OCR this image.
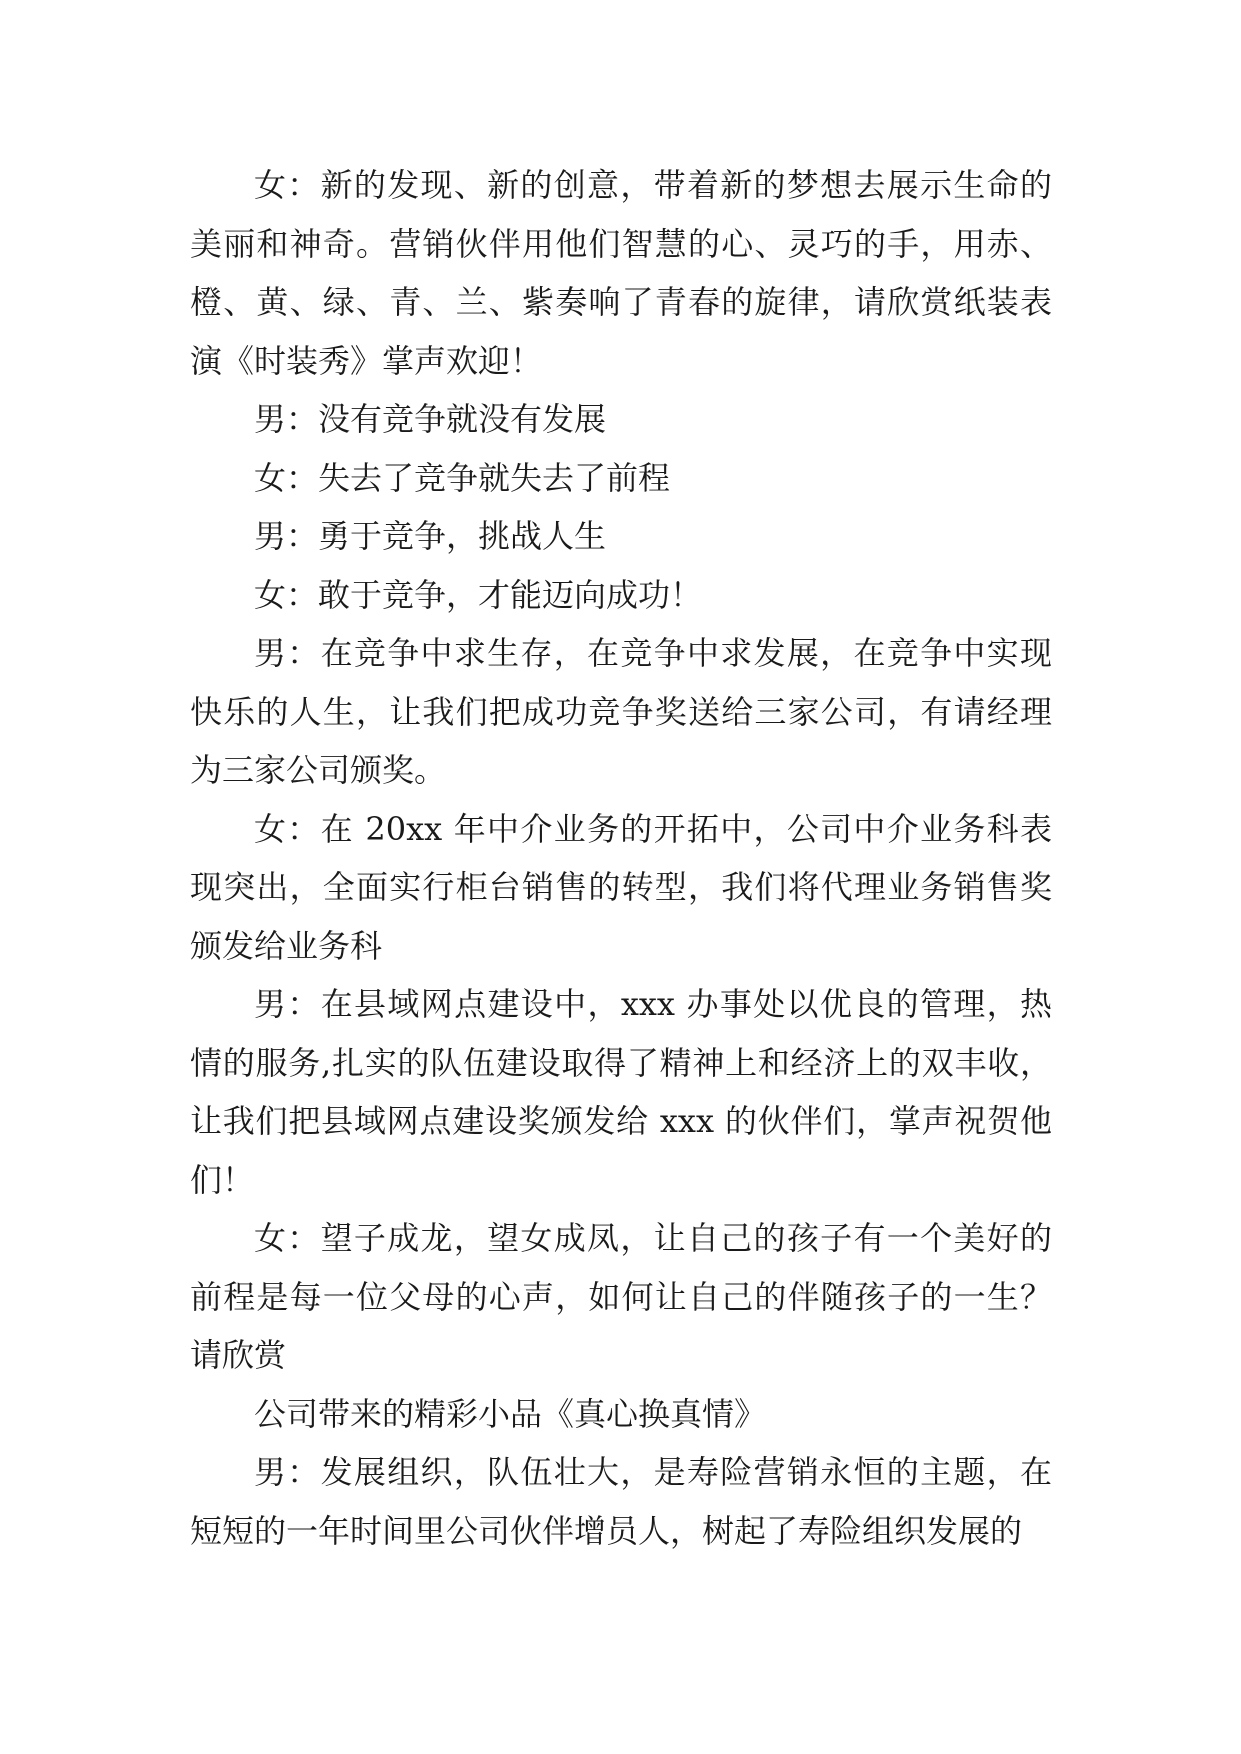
女：新的发现、新的创意，带着新的梦想去展示生命的美丽和神奇。营销伙伴用他们智慧的心、灵巧的手，用赤、橙、黄、绿、青、兰、紫奏响了青春的旋律，请欣赏纸装表演《时装秀》掌声欢迎！

男：没有竞争就没有发展

女：失去了竞争就失去了前程

男：勇于竞争，挑战人生

女：敢于竞争，才能迈向成功！

男：在竞争中求生存，在竞争中求发展，在竞争中实现快乐的人生，让我们把成功竞争奖送给三家公司，有请经理为三家公司颁奖。

女：在 20xx 年中介业务的开拓中，公司中介业务科表现突出，全面实行柜台销售的转型，我们将代理业务销售奖颁发给业务科

男：在县域网点建设中，xxx 办事处以优良的管理，热情的服务,扎实的队伍建设取得了精神上和经济上的双丰收，让我们把县域网点建设奖颁发给 xxx 的伙伴们，掌声祝贺他们！

女：望子成龙，望女成凤，让自己的孩子有一个美好的前程是每一位父母的心声，如何让自己的伴随孩子的一生？请欣赏

公司带来的精彩小品《真心换真情》

男：发展组织，队伍壮大，是寿险营销永恒的主题，在短短的一年时间里公司伙伴增员人，树起了寿险组织发展的
